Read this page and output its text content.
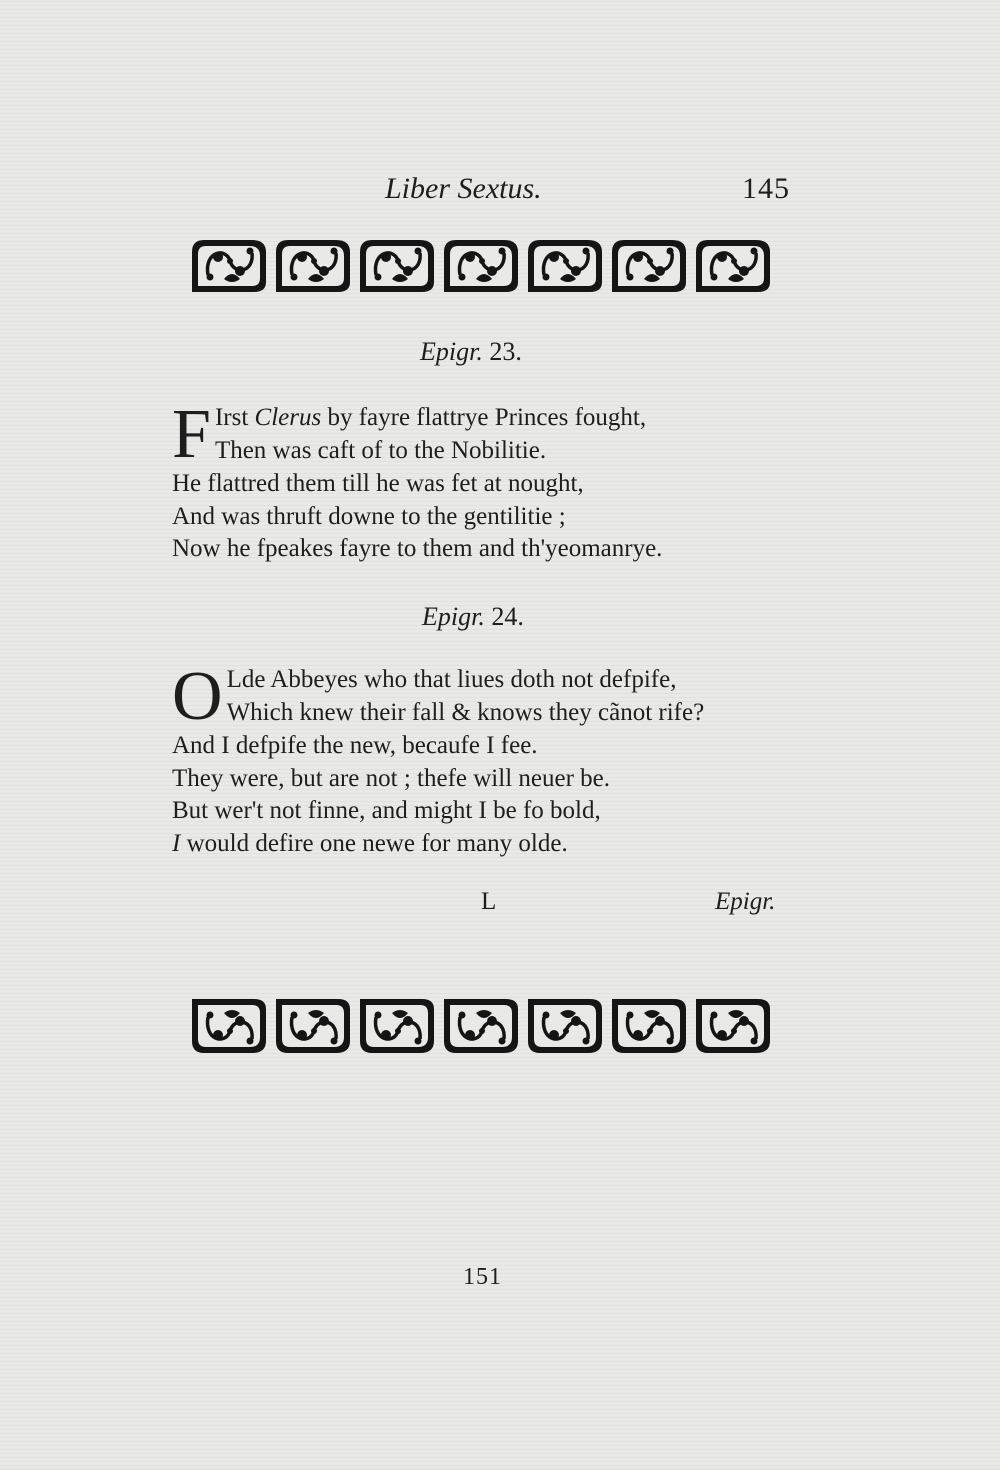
Liber Sextus.	145
Epigr. 23.
F Irst Clerus by fayre flattrye Princes fought,
Then was caft of to the Nobilitie.
He flattred them till he was fet at nought,
And was thruft downe to the gentilitie ;
Now he fpeakes fayre to them and th'yeomanrye.
Epigr. 24.
O Lde Abbeyes who that liues doth not defpife,
Which knew their fall & knows they cãnot rife?
And I defpife the new, becaufe I fee.
They were, but are not ; thefe will neuer be.
But wer't not finne, and might I be fo bold,
I would defire one newe for many olde.
L	Epigr.
151
